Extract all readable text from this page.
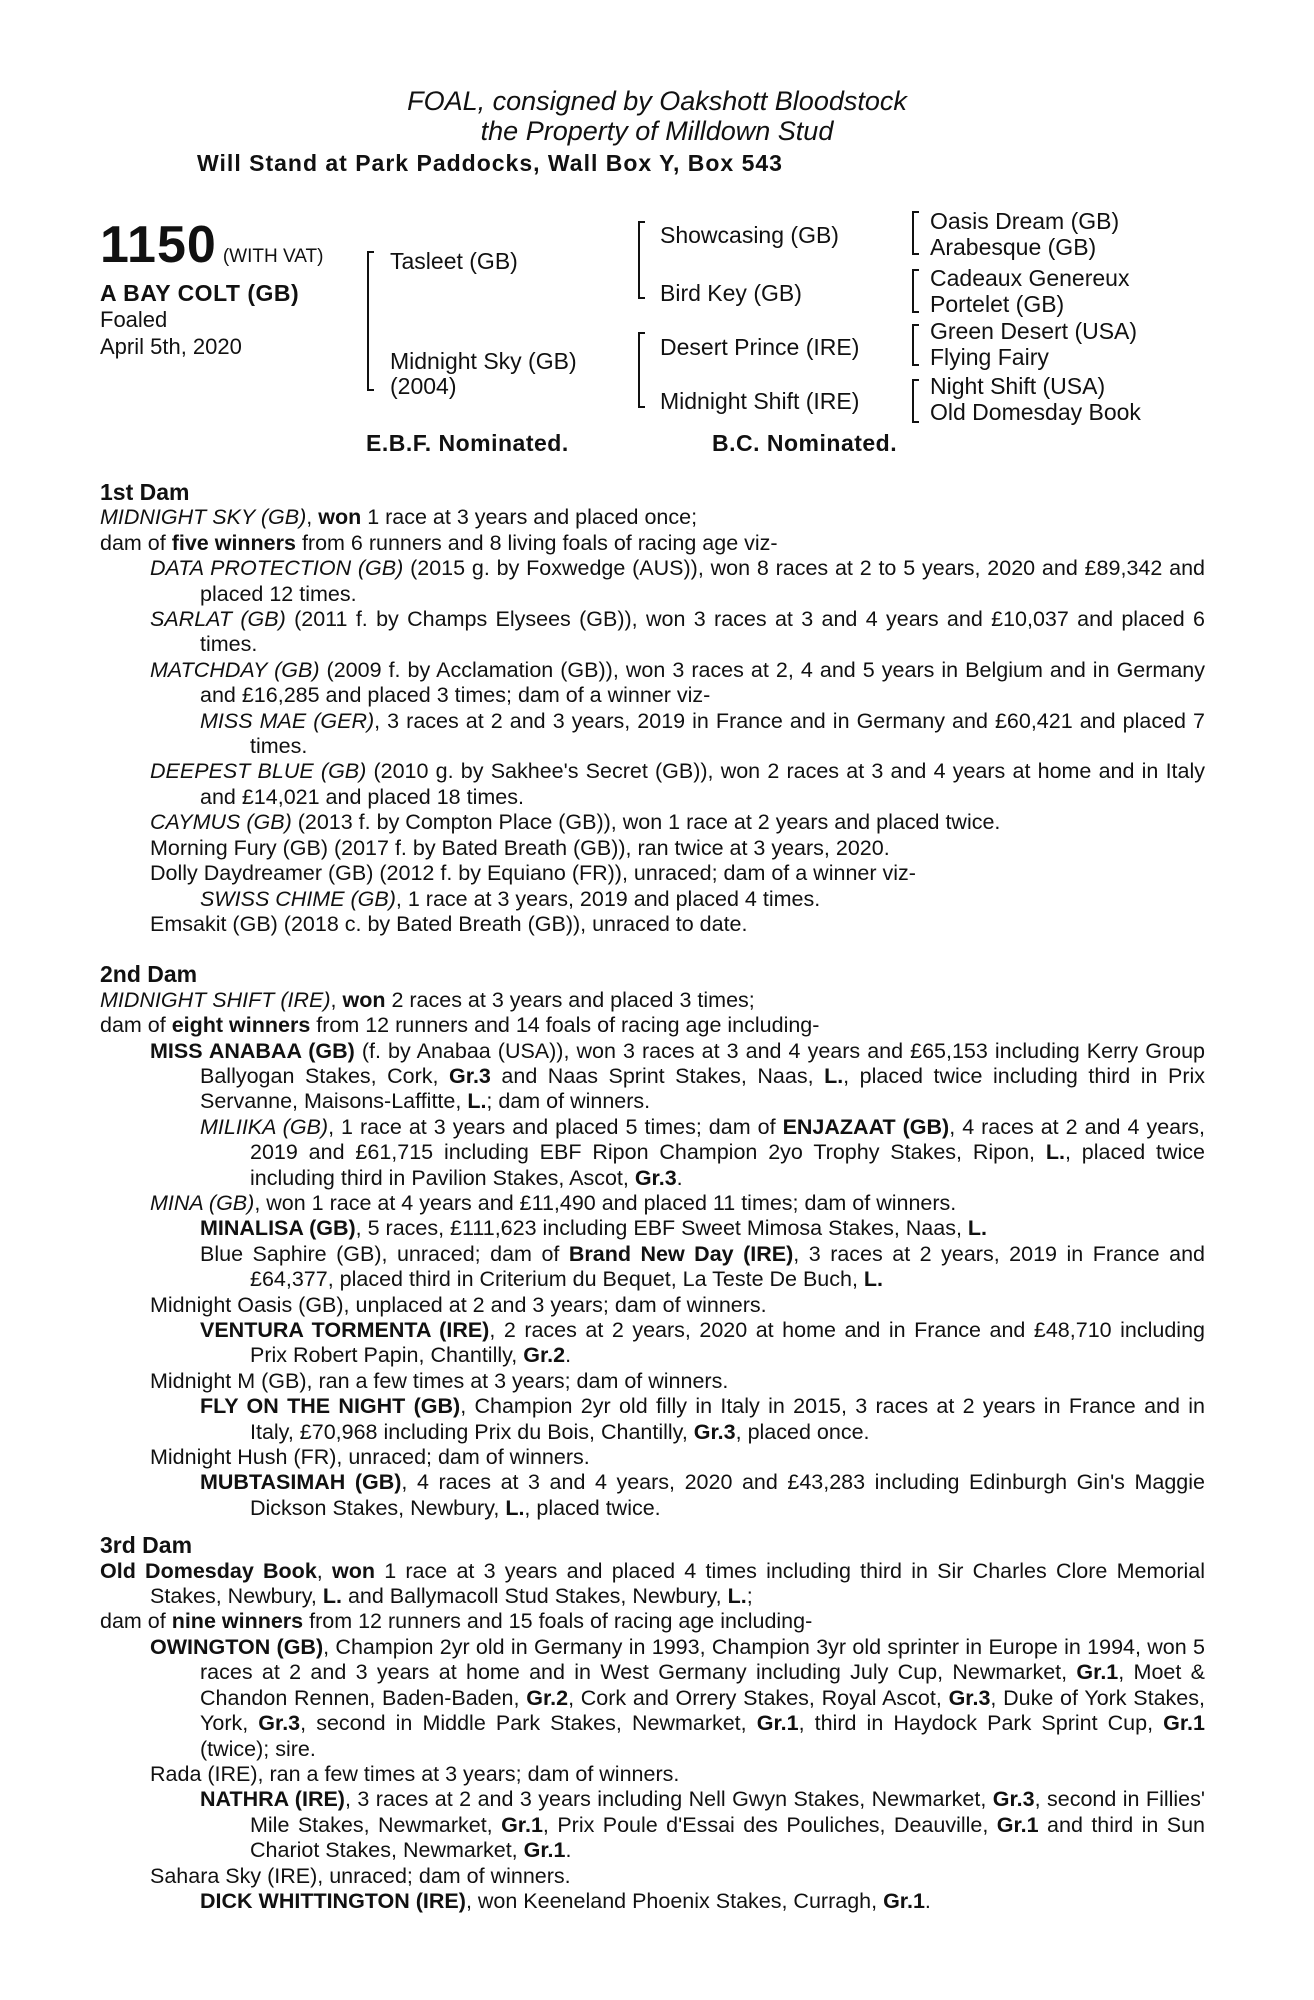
FOAL, consigned by Oakshott Bloodstock
the Property of Milldown Stud
Will Stand at Park Paddocks, Wall Box Y, Box 543
1150 (WITH VAT)
A BAY COLT (GB)
Foaled
April 5th, 2020
Tasleet (GB)
Midnight Sky (GB)
(2004)
Showcasing (GB)
Bird Key (GB)
Desert Prince (IRE)
Midnight Shift (IRE)
Oasis Dream (GB)
Arabesque (GB)
Cadeaux Genereux
Portelet (GB)
Green Desert (USA)
Flying Fairy
Night Shift (USA)
Old Domesday Book
E.B.F. Nominated.	B.C. Nominated.
1st Dam
MIDNIGHT SKY (GB), won 1 race at 3 years and placed once;
dam of five winners from 6 runners and 8 living foals of racing age viz-
DATA PROTECTION (GB) (2015 g. by Foxwedge (AUS)), won 8 races at 2 to 5 years, 2020 and £89,342 and placed 12 times.
SARLAT (GB) (2011 f. by Champs Elysees (GB)), won 3 races at 3 and 4 years and £10,037 and placed 6 times.
MATCHDAY (GB) (2009 f. by Acclamation (GB)), won 3 races at 2, 4 and 5 years in Belgium and in Germany and £16,285 and placed 3 times; dam of a winner viz-
MISS MAE (GER), 3 races at 2 and 3 years, 2019 in France and in Germany and £60,421 and placed 7 times.
DEEPEST BLUE (GB) (2010 g. by Sakhee's Secret (GB)), won 2 races at 3 and 4 years at home and in Italy and £14,021 and placed 18 times.
CAYMUS (GB) (2013 f. by Compton Place (GB)), won 1 race at 2 years and placed twice.
Morning Fury (GB) (2017 f. by Bated Breath (GB)), ran twice at 3 years, 2020.
Dolly Daydreamer (GB) (2012 f. by Equiano (FR)), unraced; dam of a winner viz-
SWISS CHIME (GB), 1 race at 3 years, 2019 and placed 4 times.
Emsakit (GB) (2018 c. by Bated Breath (GB)), unraced to date.
2nd Dam
MIDNIGHT SHIFT (IRE), won 2 races at 3 years and placed 3 times;
dam of eight winners from 12 runners and 14 foals of racing age including-
MISS ANABAA (GB) (f. by Anabaa (USA)), won 3 races at 3 and 4 years and £65,153 including Kerry Group Ballyogan Stakes, Cork, Gr.3 and Naas Sprint Stakes, Naas, L., placed twice including third in Prix Servanne, Maisons-Laffitte, L.; dam of winners.
MILIIKA (GB), 1 race at 3 years and placed 5 times; dam of ENJAZAAT (GB), 4 races at 2 and 4 years, 2019 and £61,715 including EBF Ripon Champion 2yo Trophy Stakes, Ripon, L., placed twice including third in Pavilion Stakes, Ascot, Gr.3.
MINA (GB), won 1 race at 4 years and £11,490 and placed 11 times; dam of winners.
MINALISA (GB), 5 races, £111,623 including EBF Sweet Mimosa Stakes, Naas, L.
Blue Saphire (GB), unraced; dam of Brand New Day (IRE), 3 races at 2 years, 2019 in France and £64,377, placed third in Criterium du Bequet, La Teste De Buch, L.
Midnight Oasis (GB), unplaced at 2 and 3 years; dam of winners.
VENTURA TORMENTA (IRE), 2 races at 2 years, 2020 at home and in France and £48,710 including Prix Robert Papin, Chantilly, Gr.2.
Midnight M (GB), ran a few times at 3 years; dam of winners.
FLY ON THE NIGHT (GB), Champion 2yr old filly in Italy in 2015, 3 races at 2 years in France and in Italy, £70,968 including Prix du Bois, Chantilly, Gr.3, placed once.
Midnight Hush (FR), unraced; dam of winners.
MUBTASIMAH (GB), 4 races at 3 and 4 years, 2020 and £43,283 including Edinburgh Gin's Maggie Dickson Stakes, Newbury, L., placed twice.
3rd Dam
Old Domesday Book, won 1 race at 3 years and placed 4 times including third in Sir Charles Clore Memorial Stakes, Newbury, L. and Ballymacoll Stud Stakes, Newbury, L.;
dam of nine winners from 12 runners and 15 foals of racing age including-
OWINGTON (GB), Champion 2yr old in Germany in 1993, Champion 3yr old sprinter in Europe in 1994, won 5 races at 2 and 3 years at home and in West Germany including July Cup, Newmarket, Gr.1, Moet & Chandon Rennen, Baden-Baden, Gr.2, Cork and Orrery Stakes, Royal Ascot, Gr.3, Duke of York Stakes, York, Gr.3, second in Middle Park Stakes, Newmarket, Gr.1, third in Haydock Park Sprint Cup, Gr.1 (twice); sire.
Rada (IRE), ran a few times at 3 years; dam of winners.
NATHRA (IRE), 3 races at 2 and 3 years including Nell Gwyn Stakes, Newmarket, Gr.3, second in Fillies' Mile Stakes, Newmarket, Gr.1, Prix Poule d'Essai des Pouliches, Deauville, Gr.1 and third in Sun Chariot Stakes, Newmarket, Gr.1.
Sahara Sky (IRE), unraced; dam of winners.
DICK WHITTINGTON (IRE), won Keeneland Phoenix Stakes, Curragh, Gr.1.
